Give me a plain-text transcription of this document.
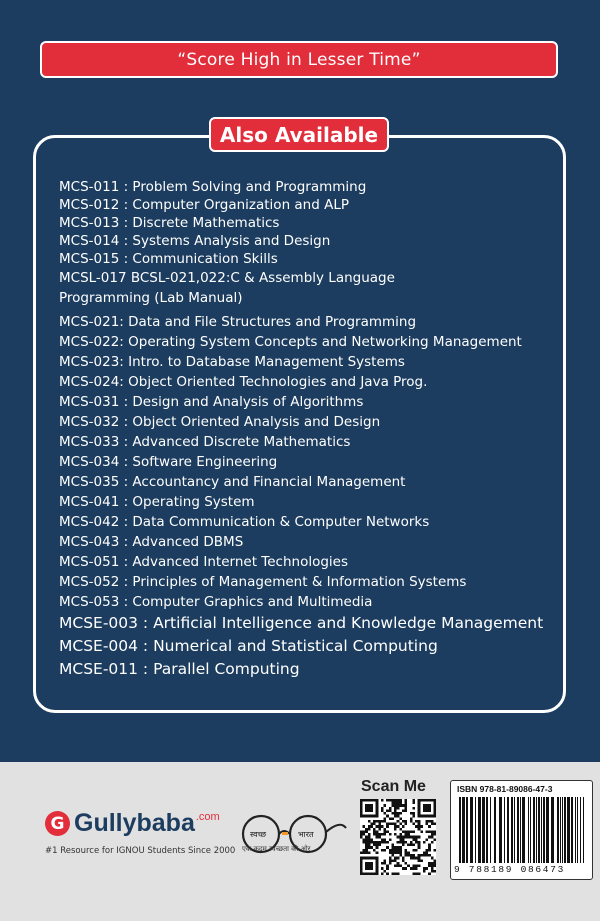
“Score High in Lesser Time”
Also Available
MCS-011 : Problem Solving and Programming
MCS-012 : Computer Organization and ALP
MCS-013 : Discrete Mathematics
MCS-014 : Systems Analysis and Design
MCS-015 : Communication Skills
MCSL-017 BCSL-021,022:C & Assembly Language
Programming (Lab Manual)
MCS-021: Data and File Structures and Programming
MCS-022: Operating System Concepts and Networking Management
MCS-023: Intro. to Database Management Systems
MCS-024: Object Oriented Technologies and Java Prog.
MCS-031 : Design and Analysis of Algorithms
MCS-032 : Object Oriented Analysis and Design
MCS-033 : Advanced Discrete Mathematics
MCS-034 : Software Engineering
MCS-035 : Accountancy and Financial Management
MCS-041 : Operating System
MCS-042 : Data Communication & Computer Networks
MCS-043 : Advanced DBMS
MCS-051 : Advanced Internet Technologies
MCS-052 : Principles of Management & Information Systems
MCS-053 : Computer Graphics and Multimedia
MCSE-003 : Artificial Intelligence and Knowledge Management
MCSE-004 : Numerical and Statistical Computing
MCSE-011 : Parallel Computing
G Gullybaba .com
#1 Resource for IGNOU Students Since 2000
स्वच्छ	भारत
एक कदम स्वच्छता की ओर
Scan Me	ISBN 978-81-89086-47-3
9 788189 086473
